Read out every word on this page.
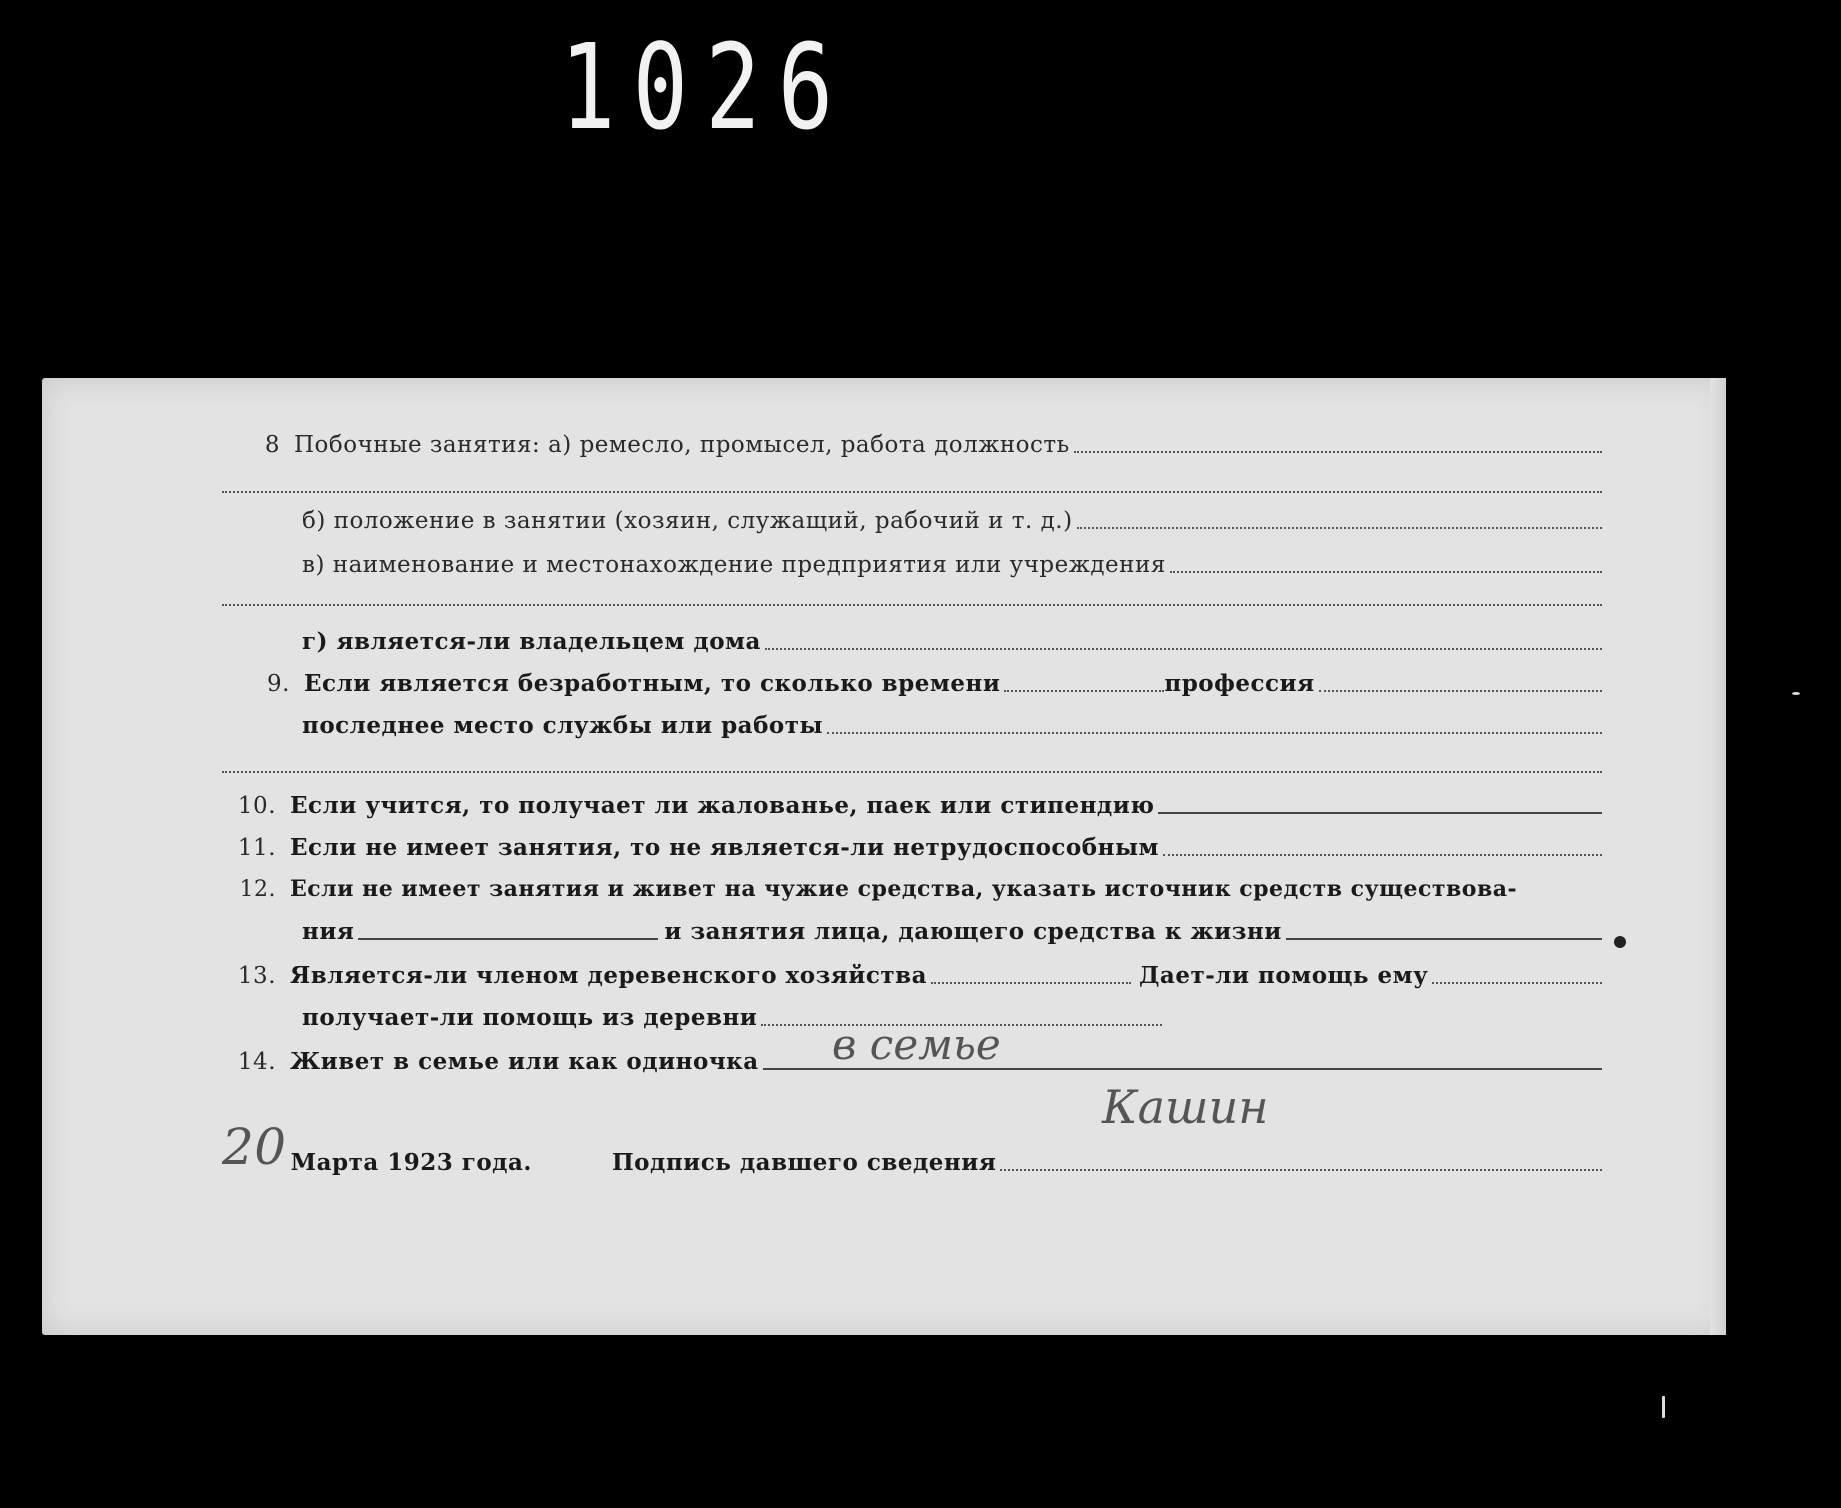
1026
8 Побочные занятия: а) ремесло, промысел, работа должность
б) положение в занятии (хозяин, служащий, рабочий и т. д.)
в) наименование и местонахождение предприятия или учреждения
г) является-ли владельцем дома
9. Если является безработным, то сколько времени	профессия
последнее место службы или работы
10. Если учится, то получает ли жалованье, паек или стипендию
11. Если не имеет занятия, то не является-ли нетрудоспособным
12. Если не имеет занятия и живет на чужие средства, указать источник средств существова-
ния	и занятия лица, дающего средства к жизни
13. Является-ли членом деревенского хозяйства	Дает-ли помощь ему
получает-ли помощь из деревни
14. Живет в семье или как одиночка в семье
20 Марта 1923 года.	Подпись давшего сведения
Кашин
